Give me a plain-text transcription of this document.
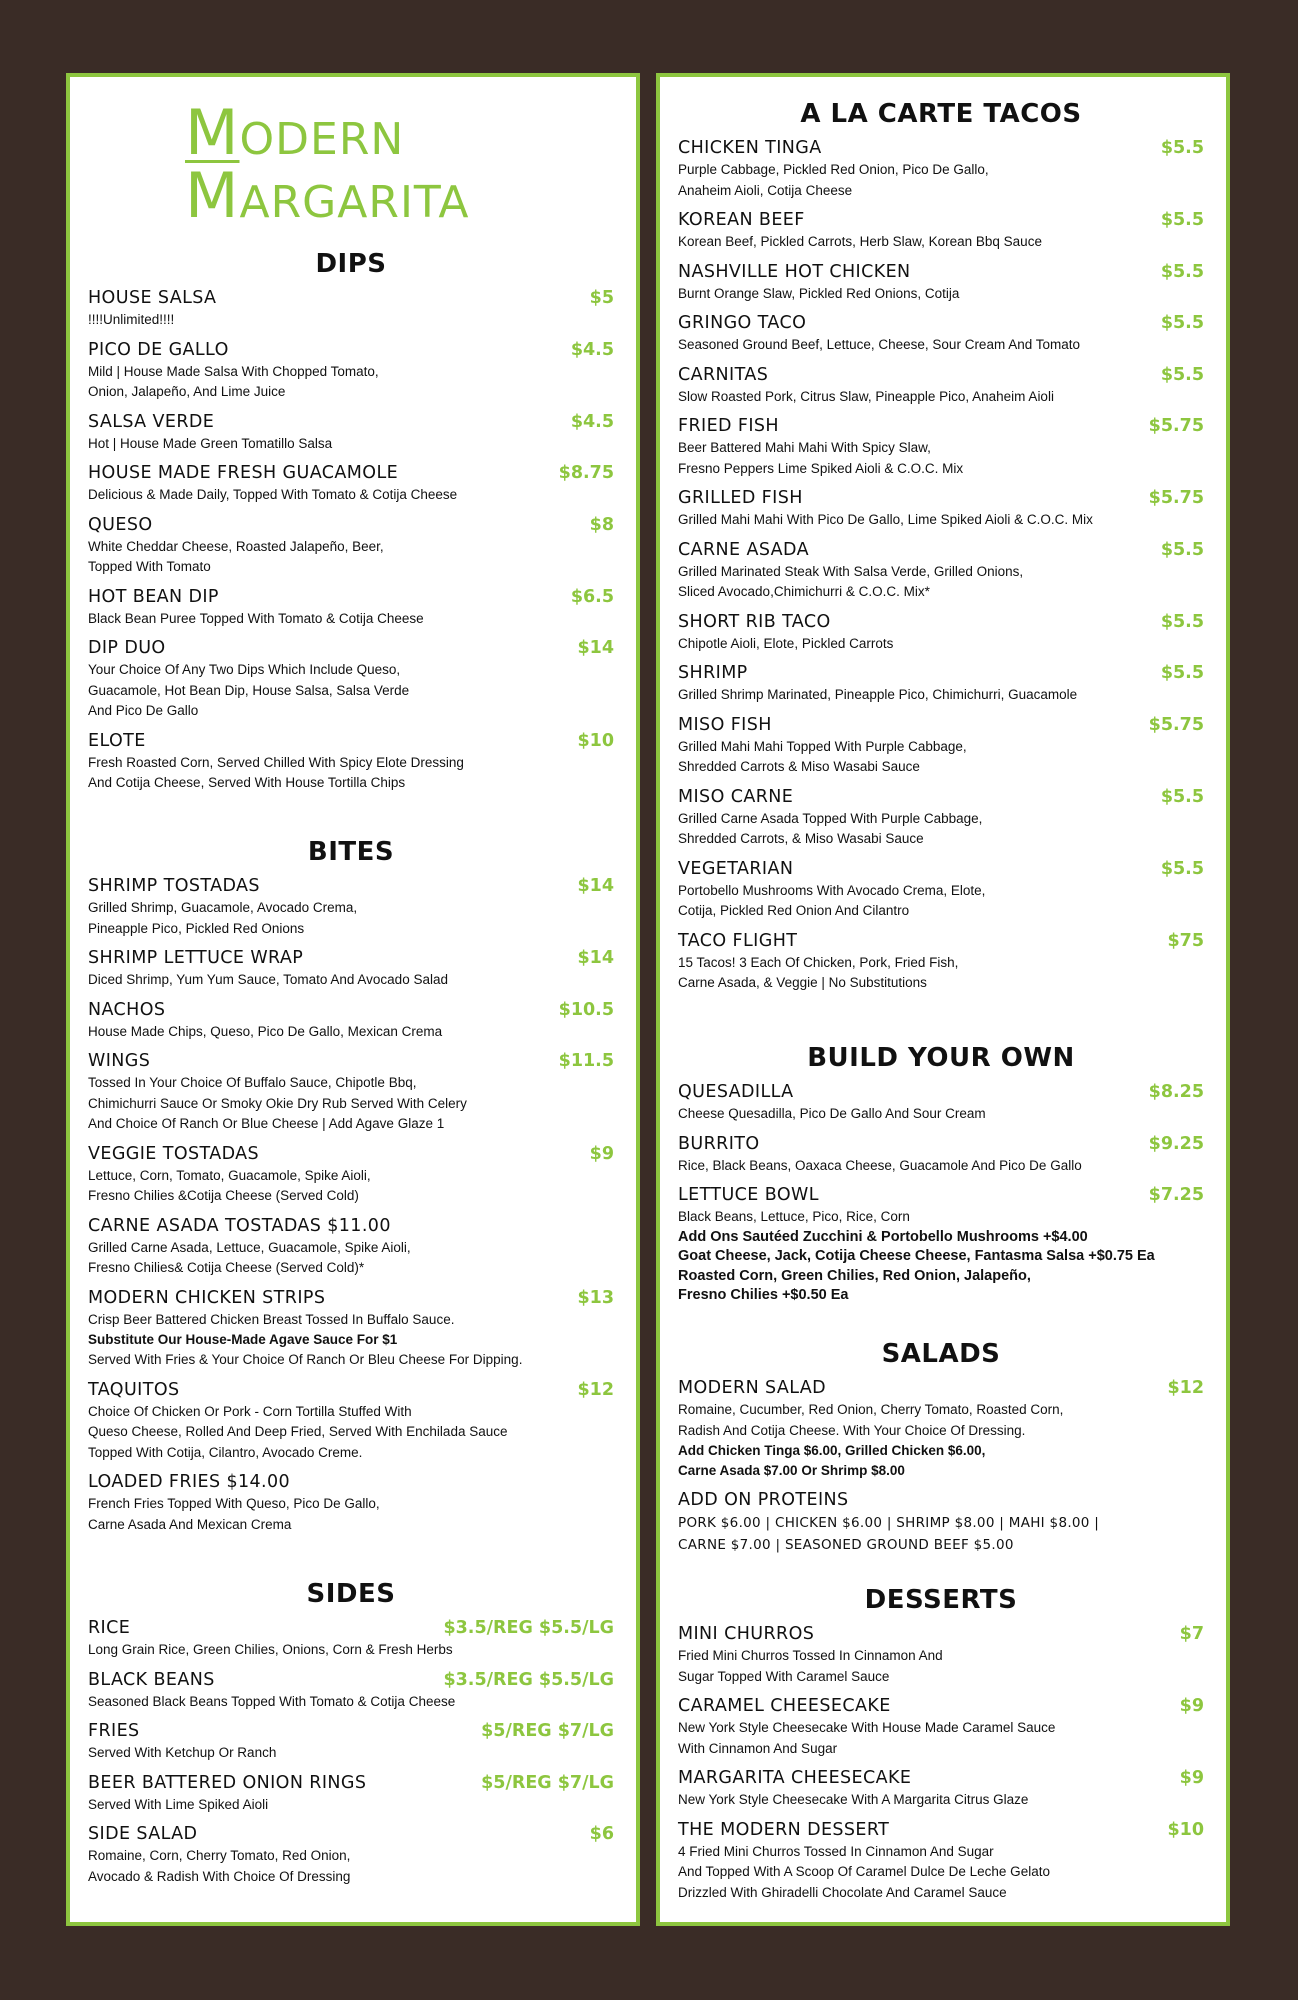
MODERN
MARGARITA
DIPS
HOUSE SALSA	$5
!!!!Unlimited!!!!
PICO DE GALLO	$4.5
Mild | House Made Salsa With Chopped Tomato,
Onion, Jalapeño, And Lime Juice
SALSA VERDE	$4.5
Hot | House Made Green Tomatillo Salsa
HOUSE MADE FRESH GUACAMOLE	$8.75
Delicious & Made Daily, Topped With Tomato & Cotija Cheese
QUESO	$8
White Cheddar Cheese, Roasted Jalapeño, Beer,
Topped With Tomato
HOT BEAN DIP	$6.5
Black Bean Puree Topped With Tomato & Cotija Cheese
DIP DUO	$14
Your Choice Of Any Two Dips Which Include Queso,
Guacamole, Hot Bean Dip, House Salsa, Salsa Verde
And Pico De Gallo
ELOTE	$10
Fresh Roasted Corn, Served Chilled With Spicy Elote Dressing
And Cotija Cheese, Served With House Tortilla Chips
BITES
SHRIMP TOSTADAS	$14
Grilled Shrimp, Guacamole, Avocado Crema,
Pineapple Pico, Pickled Red Onions
SHRIMP LETTUCE WRAP	$14
Diced Shrimp, Yum Yum Sauce, Tomato And Avocado Salad
NACHOS	$10.5
House Made Chips, Queso, Pico De Gallo, Mexican Crema
WINGS	$11.5
Tossed In Your Choice Of Buffalo Sauce, Chipotle Bbq,
Chimichurri Sauce Or Smoky Okie Dry Rub Served With Celery
And Choice Of Ranch Or Blue Cheese | Add Agave Glaze 1
VEGGIE TOSTADAS	$9
Lettuce, Corn, Tomato, Guacamole, Spike Aioli,
Fresno Chilies &Cotija Cheese (Served Cold)
CARNE ASADA TOSTADAS $11.00
Grilled Carne Asada, Lettuce, Guacamole, Spike Aioli,
Fresno Chilies& Cotija Cheese (Served Cold)*
MODERN CHICKEN STRIPS	$13
Crisp Beer Battered Chicken Breast Tossed In Buffalo Sauce.
Substitute Our House-Made Agave Sauce For $1
Served With Fries & Your Choice Of Ranch Or Bleu Cheese For Dipping.
TAQUITOS	$12
Choice Of Chicken Or Pork - Corn Tortilla Stuffed With
Queso Cheese, Rolled And Deep Fried, Served With Enchilada Sauce
Topped With Cotija, Cilantro, Avocado Creme.
LOADED FRIES $14.00
French Fries Topped With Queso, Pico De Gallo,
Carne Asada And Mexican Crema
SIDES
RICE	$3.5/REG $5.5/LG
Long Grain Rice, Green Chilies, Onions, Corn & Fresh Herbs
BLACK BEANS	$3.5/REG $5.5/LG
Seasoned Black Beans Topped With Tomato & Cotija Cheese
FRIES	$5/REG $7/LG
Served With Ketchup Or Ranch
BEER BATTERED ONION RINGS	$5/REG $7/LG
Served With Lime Spiked Aioli
SIDE SALAD	$6
Romaine, Corn, Cherry Tomato, Red Onion,
Avocado & Radish With Choice Of Dressing
A LA CARTE TACOS
CHICKEN TINGA	$5.5
Purple Cabbage, Pickled Red Onion, Pico De Gallo,
Anaheim Aioli, Cotija Cheese
KOREAN BEEF	$5.5
Korean Beef, Pickled Carrots, Herb Slaw, Korean Bbq Sauce
NASHVILLE HOT CHICKEN	$5.5
Burnt Orange Slaw, Pickled Red Onions, Cotija
GRINGO TACO	$5.5
Seasoned Ground Beef, Lettuce, Cheese, Sour Cream And Tomato
CARNITAS	$5.5
Slow Roasted Pork, Citrus Slaw, Pineapple Pico, Anaheim Aioli
FRIED FISH	$5.75
Beer Battered Mahi Mahi With Spicy Slaw,
Fresno Peppers Lime Spiked Aioli & C.O.C. Mix
GRILLED FISH	$5.75
Grilled Mahi Mahi With Pico De Gallo, Lime Spiked Aioli & C.O.C. Mix
CARNE ASADA	$5.5
Grilled Marinated Steak With Salsa Verde, Grilled Onions,
Sliced Avocado,Chimichurri & C.O.C. Mix*
SHORT RIB TACO	$5.5
Chipotle Aioli, Elote, Pickled Carrots
SHRIMP	$5.5
Grilled Shrimp Marinated, Pineapple Pico, Chimichurri, Guacamole
MISO FISH	$5.75
Grilled Mahi Mahi Topped With Purple Cabbage,
Shredded Carrots & Miso Wasabi Sauce
MISO CARNE	$5.5
Grilled Carne Asada Topped With Purple Cabbage,
Shredded Carrots, & Miso Wasabi Sauce
VEGETARIAN	$5.5
Portobello Mushrooms With Avocado Crema, Elote,
Cotija, Pickled Red Onion And Cilantro
TACO FLIGHT	$75
15 Tacos! 3 Each Of Chicken, Pork, Fried Fish,
Carne Asada, & Veggie | No Substitutions
BUILD YOUR OWN
QUESADILLA	$8.25
Cheese Quesadilla, Pico De Gallo And Sour Cream
BURRITO	$9.25
Rice, Black Beans, Oaxaca Cheese, Guacamole And Pico De Gallo
LETTUCE BOWL	$7.25
Black Beans, Lettuce, Pico, Rice, Corn
Add Ons Sautéed Zucchini & Portobello Mushrooms +$4.00
Goat Cheese, Jack, Cotija Cheese Cheese, Fantasma Salsa +$0.75 Ea
Roasted Corn, Green Chilies, Red Onion, Jalapeño,
Fresno Chilies +$0.50 Ea
SALADS
MODERN SALAD	$12
Romaine, Cucumber, Red Onion, Cherry Tomato, Roasted Corn,
Radish And Cotija Cheese. With Your Choice Of Dressing.
Add Chicken Tinga $6.00, Grilled Chicken $6.00,
Carne Asada $7.00 Or Shrimp $8.00
ADD ON PROTEINS
PORK $6.00 | CHICKEN $6.00 | SHRIMP $8.00 | MAHI $8.00 |
CARNE $7.00 | SEASONED GROUND BEEF $5.00
DESSERTS
MINI CHURROS	$7
Fried Mini Churros Tossed In Cinnamon And
Sugar Topped With Caramel Sauce
CARAMEL CHEESECAKE	$9
New York Style Cheesecake With House Made Caramel Sauce
With Cinnamon And Sugar
MARGARITA CHEESECAKE	$9
New York Style Cheesecake With A Margarita Citrus Glaze
THE MODERN DESSERT	$10
4 Fried Mini Churros Tossed In Cinnamon And Sugar
And Topped With A Scoop Of Caramel Dulce De Leche Gelato
Drizzled With Ghiradelli Chocolate And Caramel Sauce
